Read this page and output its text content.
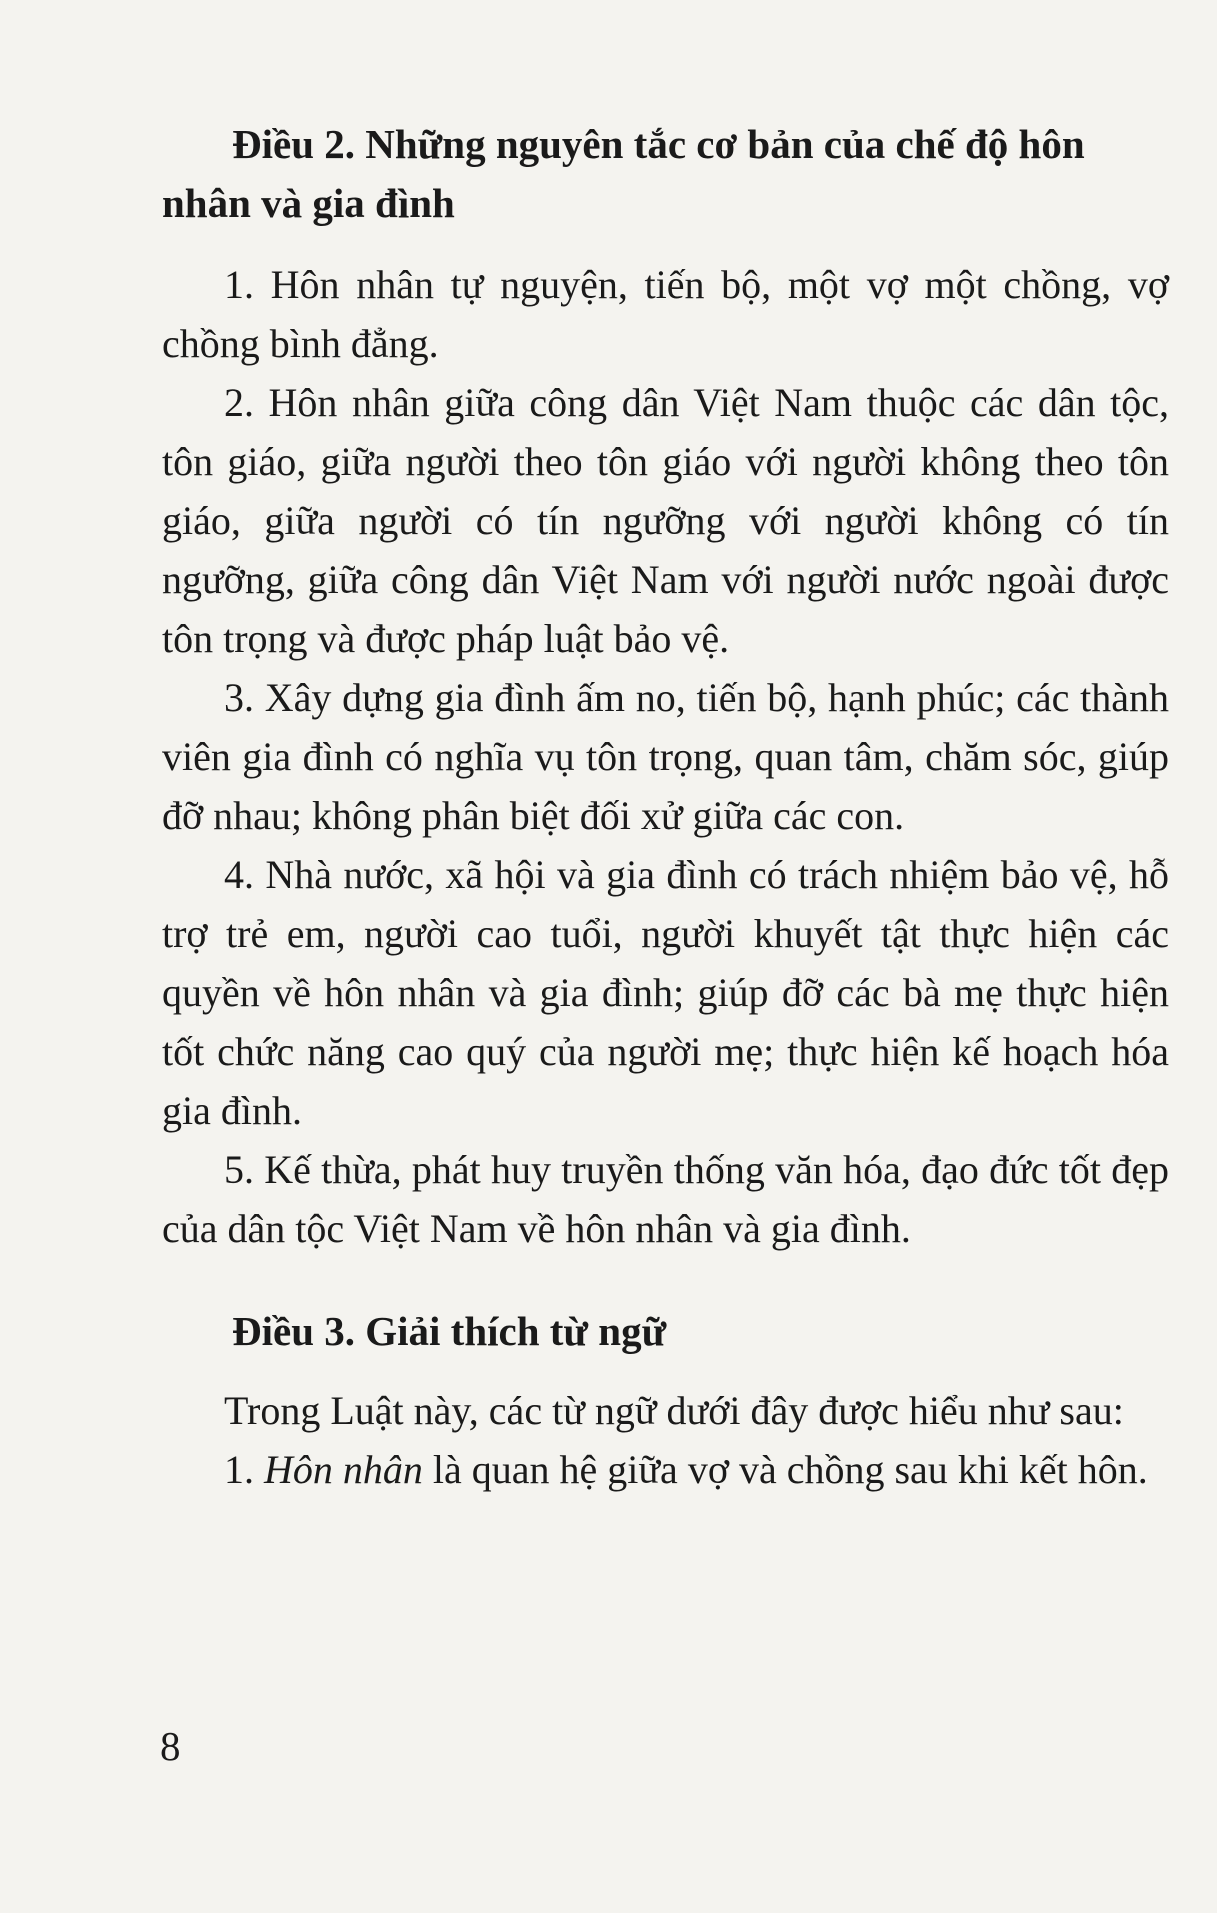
Điều 2. Những nguyên tắc cơ bản của chế độ hôn nhân và gia đình

1. Hôn nhân tự nguyện, tiến bộ, một vợ một chồng, vợ chồng bình đẳng.

2. Hôn nhân giữa công dân Việt Nam thuộc các dân tộc, tôn giáo, giữa người theo tôn giáo với người không theo tôn giáo, giữa người có tín ngưỡng với người không có tín ngưỡng, giữa công dân Việt Nam với người nước ngoài được tôn trọng và được pháp luật bảo vệ.

3. Xây dựng gia đình ấm no, tiến bộ, hạnh phúc; các thành viên gia đình có nghĩa vụ tôn trọng, quan tâm, chăm sóc, giúp đỡ nhau; không phân biệt đối xử giữa các con.

4. Nhà nước, xã hội và gia đình có trách nhiệm bảo vệ, hỗ trợ trẻ em, người cao tuổi, người khuyết tật thực hiện các quyền về hôn nhân và gia đình; giúp đỡ các bà mẹ thực hiện tốt chức năng cao quý của người mẹ; thực hiện kế hoạch hóa gia đình.

5. Kế thừa, phát huy truyền thống văn hóa, đạo đức tốt đẹp của dân tộc Việt Nam về hôn nhân và gia đình.

Điều 3. Giải thích từ ngữ

Trong Luật này, các từ ngữ dưới đây được hiểu như sau:

1. Hôn nhân là quan hệ giữa vợ và chồng sau khi kết hôn.

8
